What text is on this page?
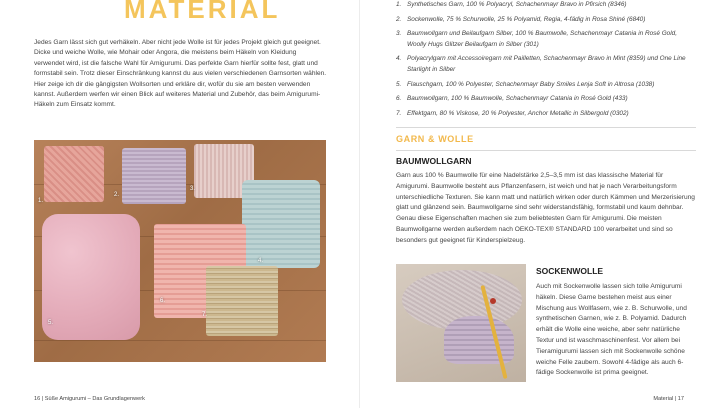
MATERIAL

Jedes Garn lässt sich gut verhäkeln. Aber nicht jede Wolle ist für jedes Projekt gleich gut geeignet. Dicke und weiche Wolle, wie Mohair oder Angora, die meistens beim Häkeln von Kleidung verwendet wird, ist die falsche Wahl für Amigurumi. Das perfekte Garn hierfür sollte fest, glatt und formstabil sein. Trotz dieser Einschränkung kannst du aus vielen verschiedenen Garnsorten wählen. Hier zeige ich dir die gängigsten Wollsorten und erkläre dir, wofür du sie am besten verwenden kannst. Außerdem werfen wir einen Blick auf weiteres Material und Zubehör, das beim Amigurumi-Häkeln zum Einsatz kommt.

1.
2.
3.
4.
5.
6.
7.
16 | Süße Amigurumi – Das Grundlagenwerk
1. Synthetisches Garn, 100 % Polyacryl, Schachenmayr Bravo in Pfirsich (8346)
2. Sockenwolle, 75 % Schurwolle, 25 % Polyamid, Regia, 4-fädig in Rosa Shiné (6840)
3. Baumwollgarn und Beilaufgarn Silber, 100 % Baumwolle, Schachenmayr Catania in Rosé Gold, Woolly Hugs Glitzer Beilaufgarn in Silber (301)
4. Polyacrylgarn mit Accessoiregarn mit Pailletten, Schachenmayr Bravo in Mint (8359) und One Line Starlight in Silber
5. Flauschgarn, 100 % Polyester, Schachenmayr Baby Smiles Lenja Soft in Altrosa (1038)
6. Baumwollgarn, 100 % Baumwolle, Schachenmayr Catania in Rosé Gold (433)
7. Effektgarn, 80 % Viskose, 20 % Polyester, Anchor Metallic in Silbergold (0302)
GARN & WOLLE
BAUMWOLLGARN

Garn aus 100 % Baumwolle für eine Nadelstärke 2,5–3,5 mm ist das klassische Material für Amigurumi. Baumwolle besteht aus Pflanzenfasern, ist weich und hat je nach Verarbeitungsform unterschiedliche Texturen. Sie kann matt und natürlich wirken oder durch Kämmen und Merzerisierung glatt und glänzend sein. Baumwollgarne sind sehr widerstandsfähig, formstabil und kaum dehnbar. Genau diese Eigenschaften machen sie zum beliebtesten Garn für Amigurumi. Die meisten Baumwollgarne werden außerdem nach OEKO-TEX® STANDARD 100 verarbeitet und sind so besonders gut geeignet für Kinderspielzeug.

SOCKENWOLLE

Auch mit Sockenwolle lassen sich tolle Amigurumi häkeln. Diese Garne bestehen meist aus einer Mischung aus Wollfasern, wie z. B. Schurwolle, und synthetischen Garnen, wie z. B. Polyamid. Dadurch erhält die Wolle eine weiche, aber sehr natürliche Textur und ist waschmaschinenfest. Vor allem bei Tieramigurumi lassen sich mit Sockenwolle schöne weiche Felle zaubern. Sowohl 4-fädige als auch 6-fädige Sockenwolle ist prima geeignet.

Material | 17
